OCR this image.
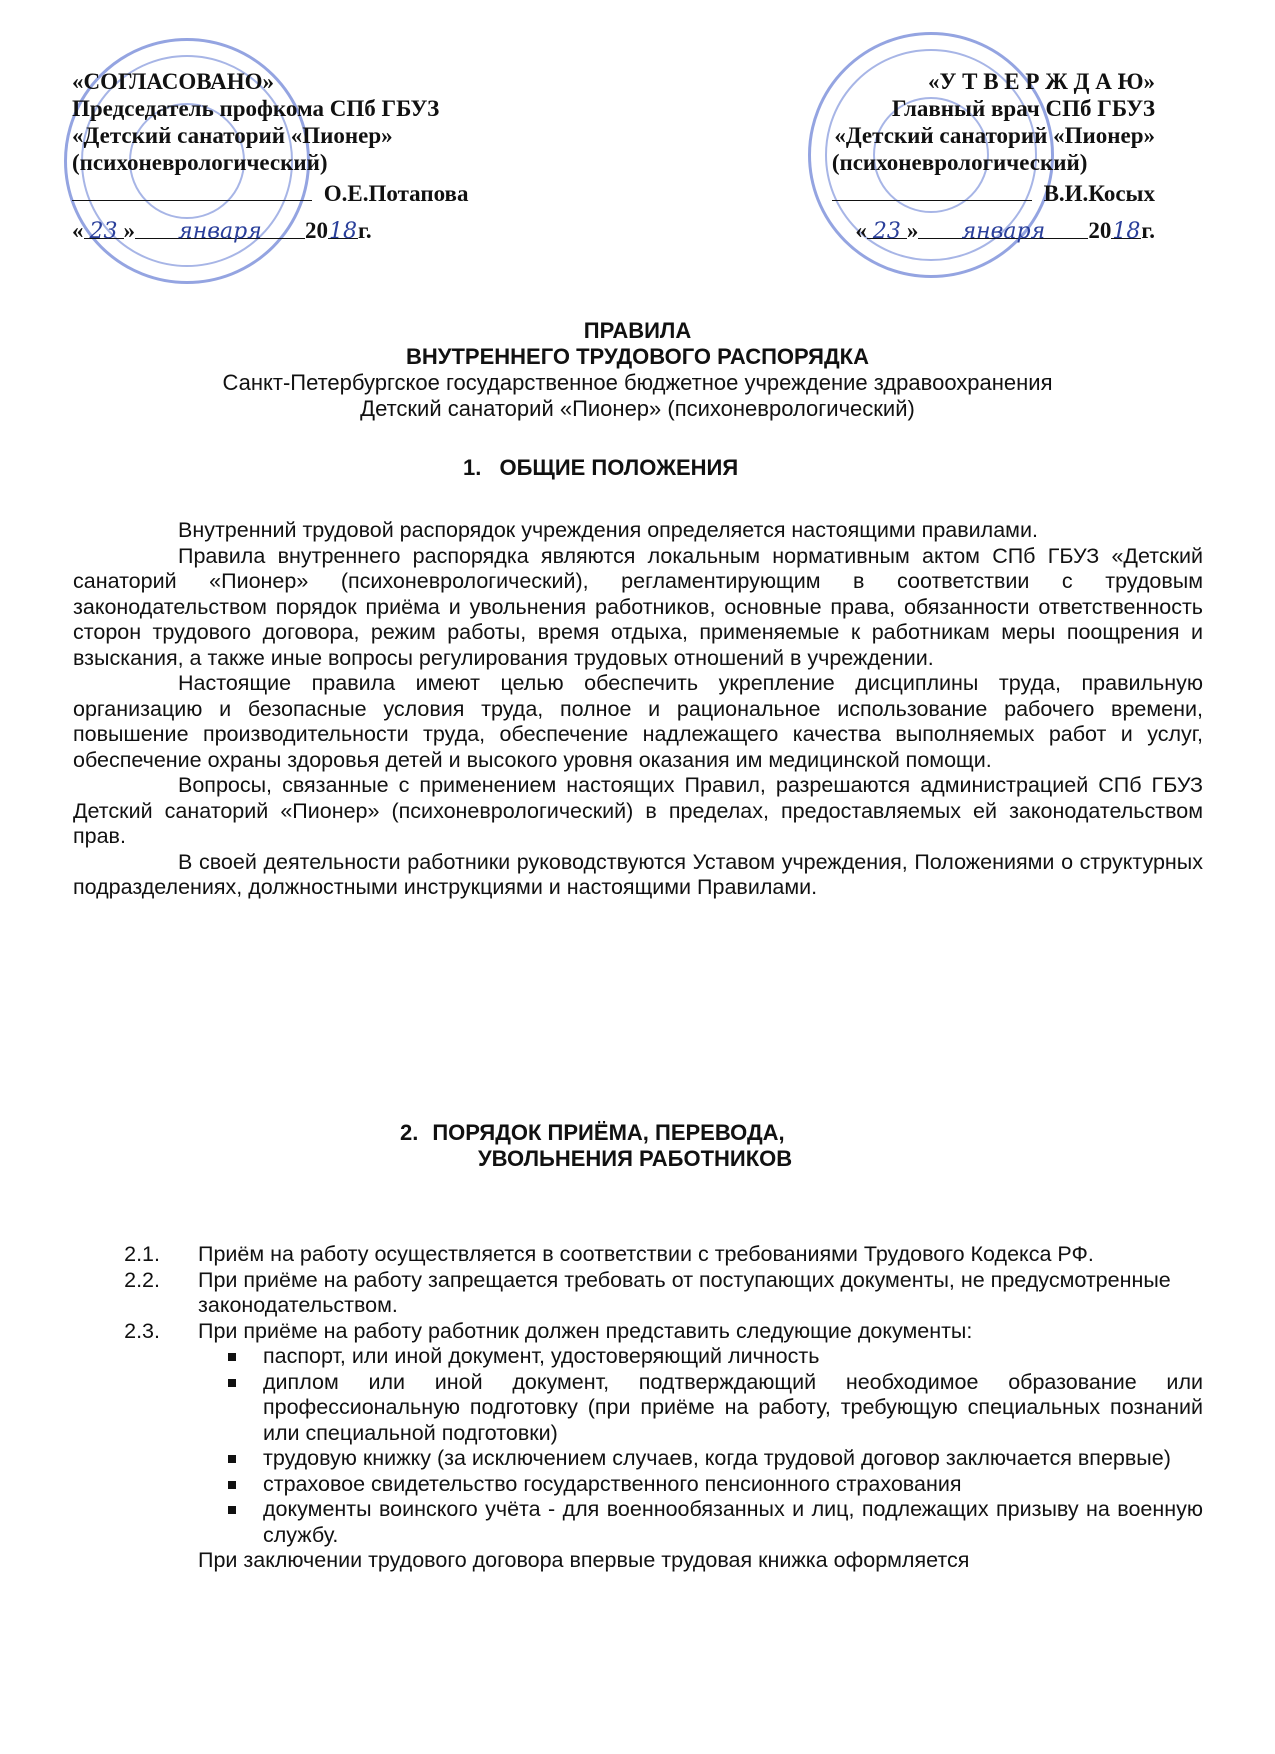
«СОГЛАСОВАНО»
Председатель профкома СПб ГБУЗ
«Детский санаторий «Пионер»
(психоневрологический)
О.Е.Потапова
« 23 » января 2018г.
«У Т В Е Р Ж Д А Ю»
Главный врач СПб ГБУЗ
«Детский санаторий «Пионер»
(психоневрологический)
В.И.Косых
« 23 » января 2018г.
ПРАВИЛА
ВНУТРЕННЕГО ТРУДОВОГО РАСПОРЯДКА
Санкт-Петербургское государственное бюджетное учреждение здравоохранения
Детский санаторий «Пионер» (психоневрологический)
1. ОБЩИЕ ПОЛОЖЕНИЯ

Внутренний трудовой распорядок учреждения определяется настоящими правилами.

Правила внутреннего распорядка являются локальным нормативным актом СПб ГБУЗ «Детский санаторий «Пионер» (психоневрологический), регламентирующим в соответствии с трудовым законодательством порядок приёма и увольнения работников, основные права, обязанности ответственность сторон трудового договора, режим работы, время отдыха, применяемые к работникам меры поощрения и взыскания, а также иные вопросы регулирования трудовых отношений в учреждении.

Настоящие правила имеют целью обеспечить укрепление дисциплины труда, правильную организацию и безопасные условия труда, полное и рациональное использование рабочего времени, повышение производительности труда, обеспечение надлежащего качества выполняемых работ и услуг, обеспечение охраны здоровья детей и высокого уровня оказания им медицинской помощи.

Вопросы, связанные с применением настоящих Правил, разрешаются администрацией СПб ГБУЗ Детский санаторий «Пионер» (психоневрологический) в пределах, предоставляемых ей законодательством прав.

В своей деятельности работники руководствуются Уставом учреждения, Положениями о структурных подразделениях, должностными инструкциями и настоящими Правилами.

2. ПОРЯДОК ПРИЁМА, ПЕРЕВОДА,
УВОЛЬНЕНИЯ РАБОТНИКОВ
2.1.	Приём на работу осуществляется в соответствии с требованиями Трудового Кодекса РФ.
2.2.	При приёме на работу запрещается требовать от поступающих документы, не предусмотренные законодательством.
2.3.	При приёме на работу работник должен представить следующие документы:
паспорт, или иной документ, удостоверяющий личность
диплом или иной документ, подтверждающий необходимое образование или профессиональную подготовку (при приёме на работу, требующую специальных познаний или специальной подготовки)
трудовую книжку (за исключением случаев, когда трудовой договор заключается впервые)
страховое свидетельство государственного пенсионного страхования
документы воинского учёта - для военнообязанных и лиц, подлежащих призыву на военную службу.

При заключении трудового договора впервые трудовая книжка оформляется
